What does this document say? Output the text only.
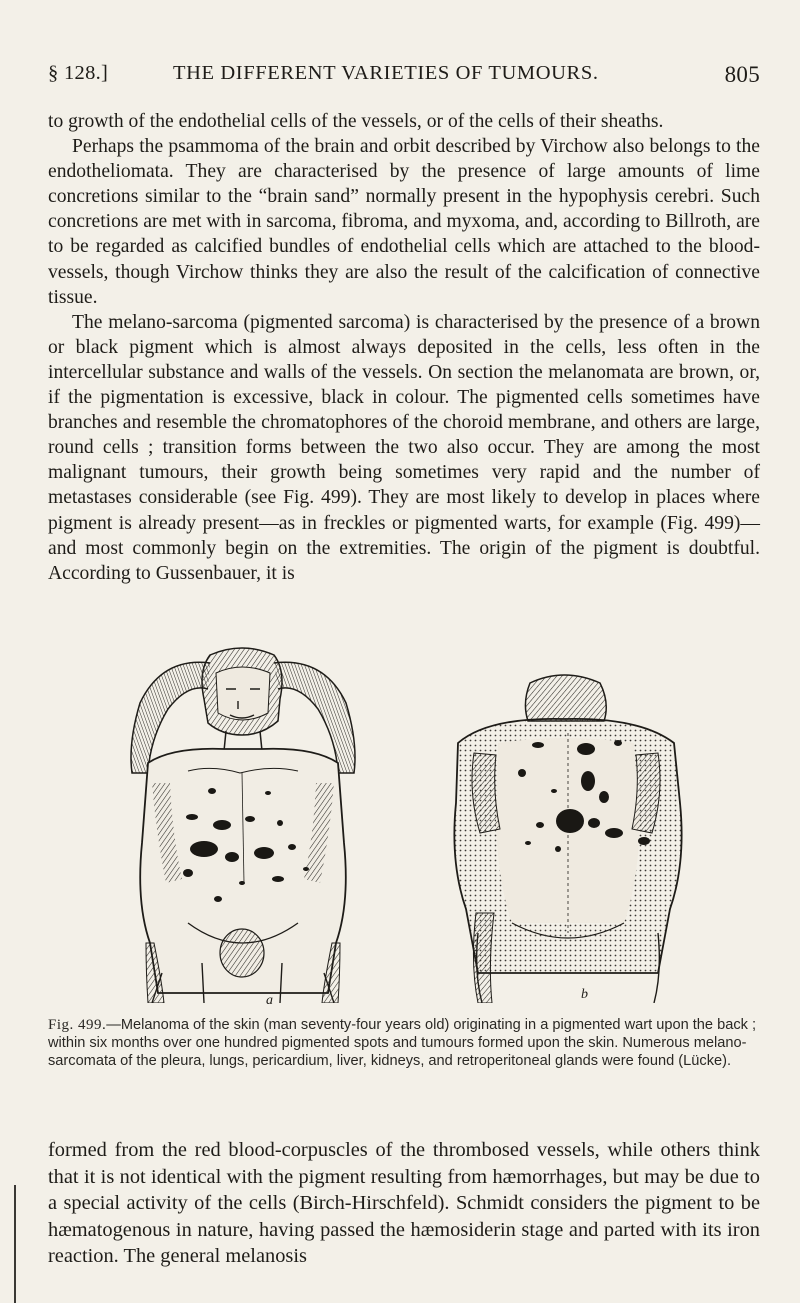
§ 128.]	THE DIFFERENT VARIETIES OF TUMOURS.	805

to growth of the endothelial cells of the vessels, or of the cells of their sheaths.

Perhaps the psammoma of the brain and orbit described by Virchow also belongs to the endotheliomata. They are characterised by the presence of large amounts of lime concretions similar to the “brain sand” normally present in the hypophysis cerebri. Such concretions are met with in sarcoma, fibroma, and myxoma, and, according to Billroth, are to be regarded as calcified bundles of endothelial cells which are attached to the blood-vessels, though Virchow thinks they are also the result of the calcification of connective tissue.

The melano-sarcoma (pigmented sarcoma) is characterised by the presence of a brown or black pigment which is almost always deposited in the cells, less often in the intercellular substance and walls of the vessels. On section the melanomata are brown, or, if the pigmentation is excessive, black in colour. The pigmented cells sometimes have branches and resemble the chromatophores of the choroid membrane, and others are large, round cells ; transition forms between the two also occur. They are among the most malignant tumours, their growth being sometimes very rapid and the number of metastases considerable (see Fig. 499). They are most likely to develop in places where pigment is already present—as in freckles or pigmented warts, for example (Fig. 499)—and most commonly begin on the extremities. The origin of the pigment is doubtful. According to Gussenbauer, it is

a	b
Fig. 499.—Melanoma of the skin (man seventy-four years old) originating in a pigmented wart upon the back ; within six months over one hundred pigmented spots and tumours formed upon the skin. Numerous melano-sarcomata of the pleura, lungs, pericardium, liver, kidneys, and retroperitoneal glands were found (Lücke).

formed from the red blood-corpuscles of the thrombosed vessels, while others think that it is not identical with the pigment resulting from hæmorrhages, but may be due to a special activity of the cells (Birch-Hirschfeld). Schmidt considers the pigment to be hæmatogenous in nature, having passed the hæmosiderin stage and parted with its iron reaction. The general melanosis
